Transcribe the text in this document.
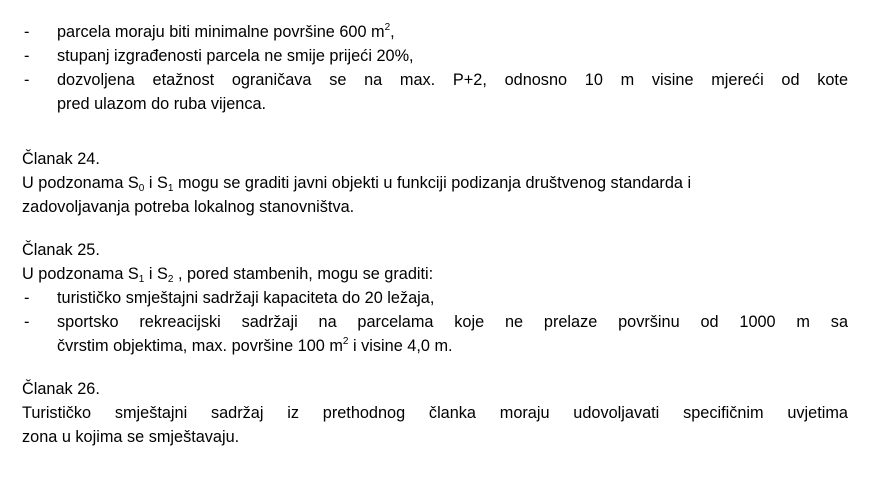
- parcela moraju biti minimalne površine 600 $m^2$,
- stupanj izgrađenosti parcela ne smije prijeći 20%,
- dozvoljena etažnost ograničava se na max. P+2, odnosno 10 m visine mjereći od kote
pred ulazom do ruba vijenca.
Članak 24.
U podzonama $S_0$ i $S_1$ mogu se graditi javni objekti u funkciji podizanja društvenog standarda i
zadovoljavanja potreba lokalnog stanovništva.
Članak 25.
U podzonama $S_1$ i $S_2$ , pored stambenih, mogu se graditi:
- turističko smještajni sadržaji kapaciteta do 20 ležaja,
- sportsko rekreacijski sadržaji na parcelama koje ne prelaze površinu od 1000 m sa
čvrstim objektima, max. površine 100 $m^2$ i visine 4,0 m.
Članak 26.
Turističko smještajni sadržaj iz prethodnog članka moraju udovoljavati specifičnim uvjetima
zona u kojima se smještavaju.
